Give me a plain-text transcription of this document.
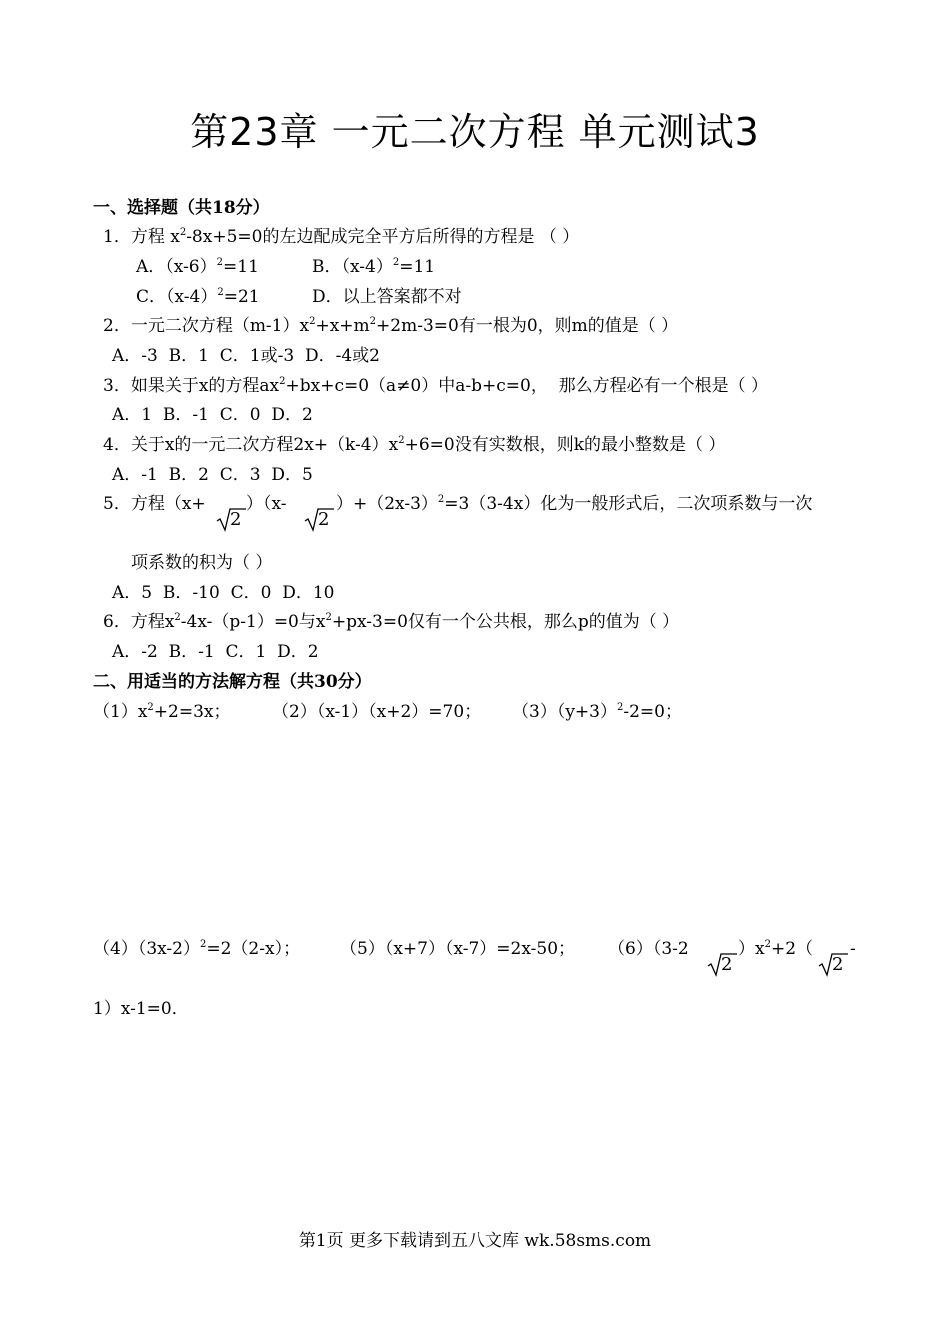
第23章 一元二次方程 单元测试3
一、选择题（共18分）
1．方程 $x^2-8x+5=0$的左边配成完全平方后所得的方程是 （ ）
A．$(x-6)^2=11$	B．$(x-4)^2=11$
C．$(x-4)^2=21$	D．以上答案都不对
2．一元二次方程$(m-1)x^2+x+m^2+2m-3=0$有一根为0，则m的值是（ ）
A．-3  B．1  C．1或-3  D．-4或2
3．如果关于x的方程$ax^2+bx+c=0(a\ne 0)$中a-b+c=0，  那么方程必有一个根是（ ）
A．1  B．-1  C．0  D．2
4．关于x的一元二次方程$2x+(k-4)x^2+6=0$没有实数根，则k的最小整数是（ ）
A．-1  B．2  C．3  D．5
5．方程（x+
2
）（x-
2
）$+(2x-3)^2=3(3-4x)$化为一般形式后，二次项系数与一次
项系数的积为（ ）
A．5  B．-10  C．0  D．10
6．方程$x^2-4x-(p-1)=0$与$x^2+px-3=0$仅有一个公共根，那么p的值为（ ）
A．-2  B．-1  C．1  D．2
二、用适当的方法解方程（共30分）
$(1)x^2+2=3x$； （2）（x-1）（x+2）=70； $(3)(y+3)^2-2=0$；
$(4)(3x-2)^2=2(2-x)$； （5）（x+7）（x-7）=2x-50； （6）（3-2
2
）$x^2+2$（
2
-
1）x-1=0．
第1页 更多下载请到五八文库 wk.58sms.com
